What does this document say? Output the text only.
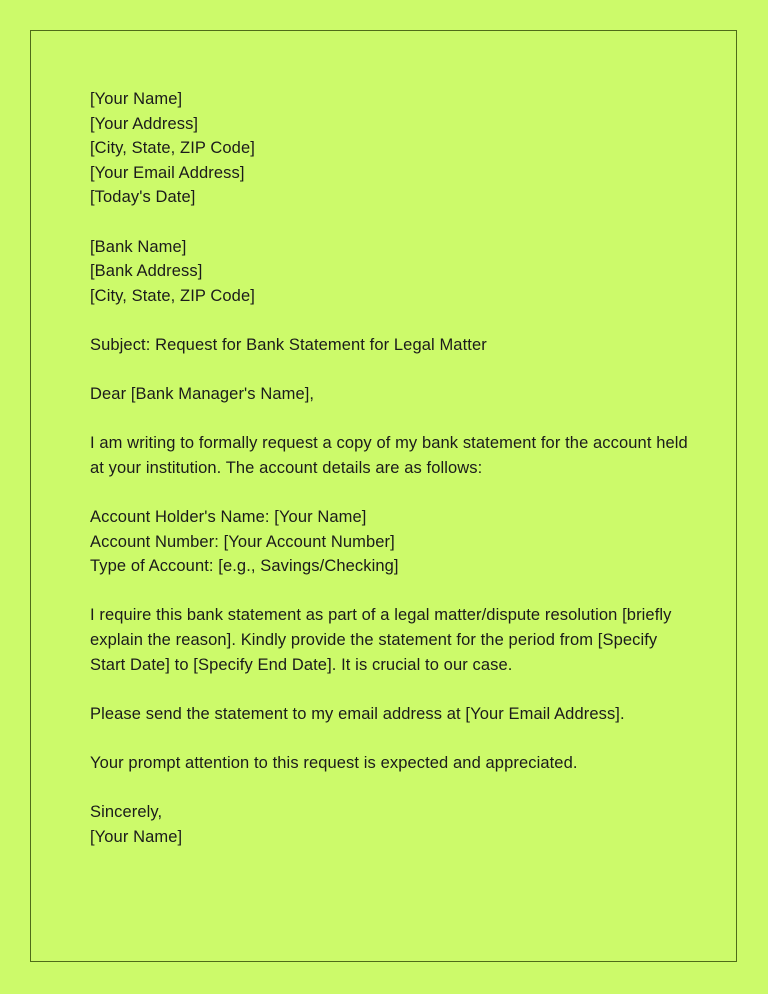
[Your Name]
[Your Address]
[City, State, ZIP Code]
[Your Email Address]
[Today's Date]
[Bank Name]
[Bank Address]
[City, State, ZIP Code]

Subject: Request for Bank Statement for Legal Matter

Dear [Bank Manager's Name],

I am writing to formally request a copy of my bank statement for the account held at your institution. The account details are as follows:

Account Holder's Name: [Your Name]
Account Number: [Your Account Number]
Type of Account: [e.g., Savings/Checking]

I require this bank statement as part of a legal matter/dispute resolution [briefly explain the reason]. Kindly provide the statement for the period from [Specify Start Date] to [Specify End Date]. It is crucial to our case.

Please send the statement to my email address at [Your Email Address].

Your prompt attention to this request is expected and appreciated.

Sincerely,
[Your Name]
